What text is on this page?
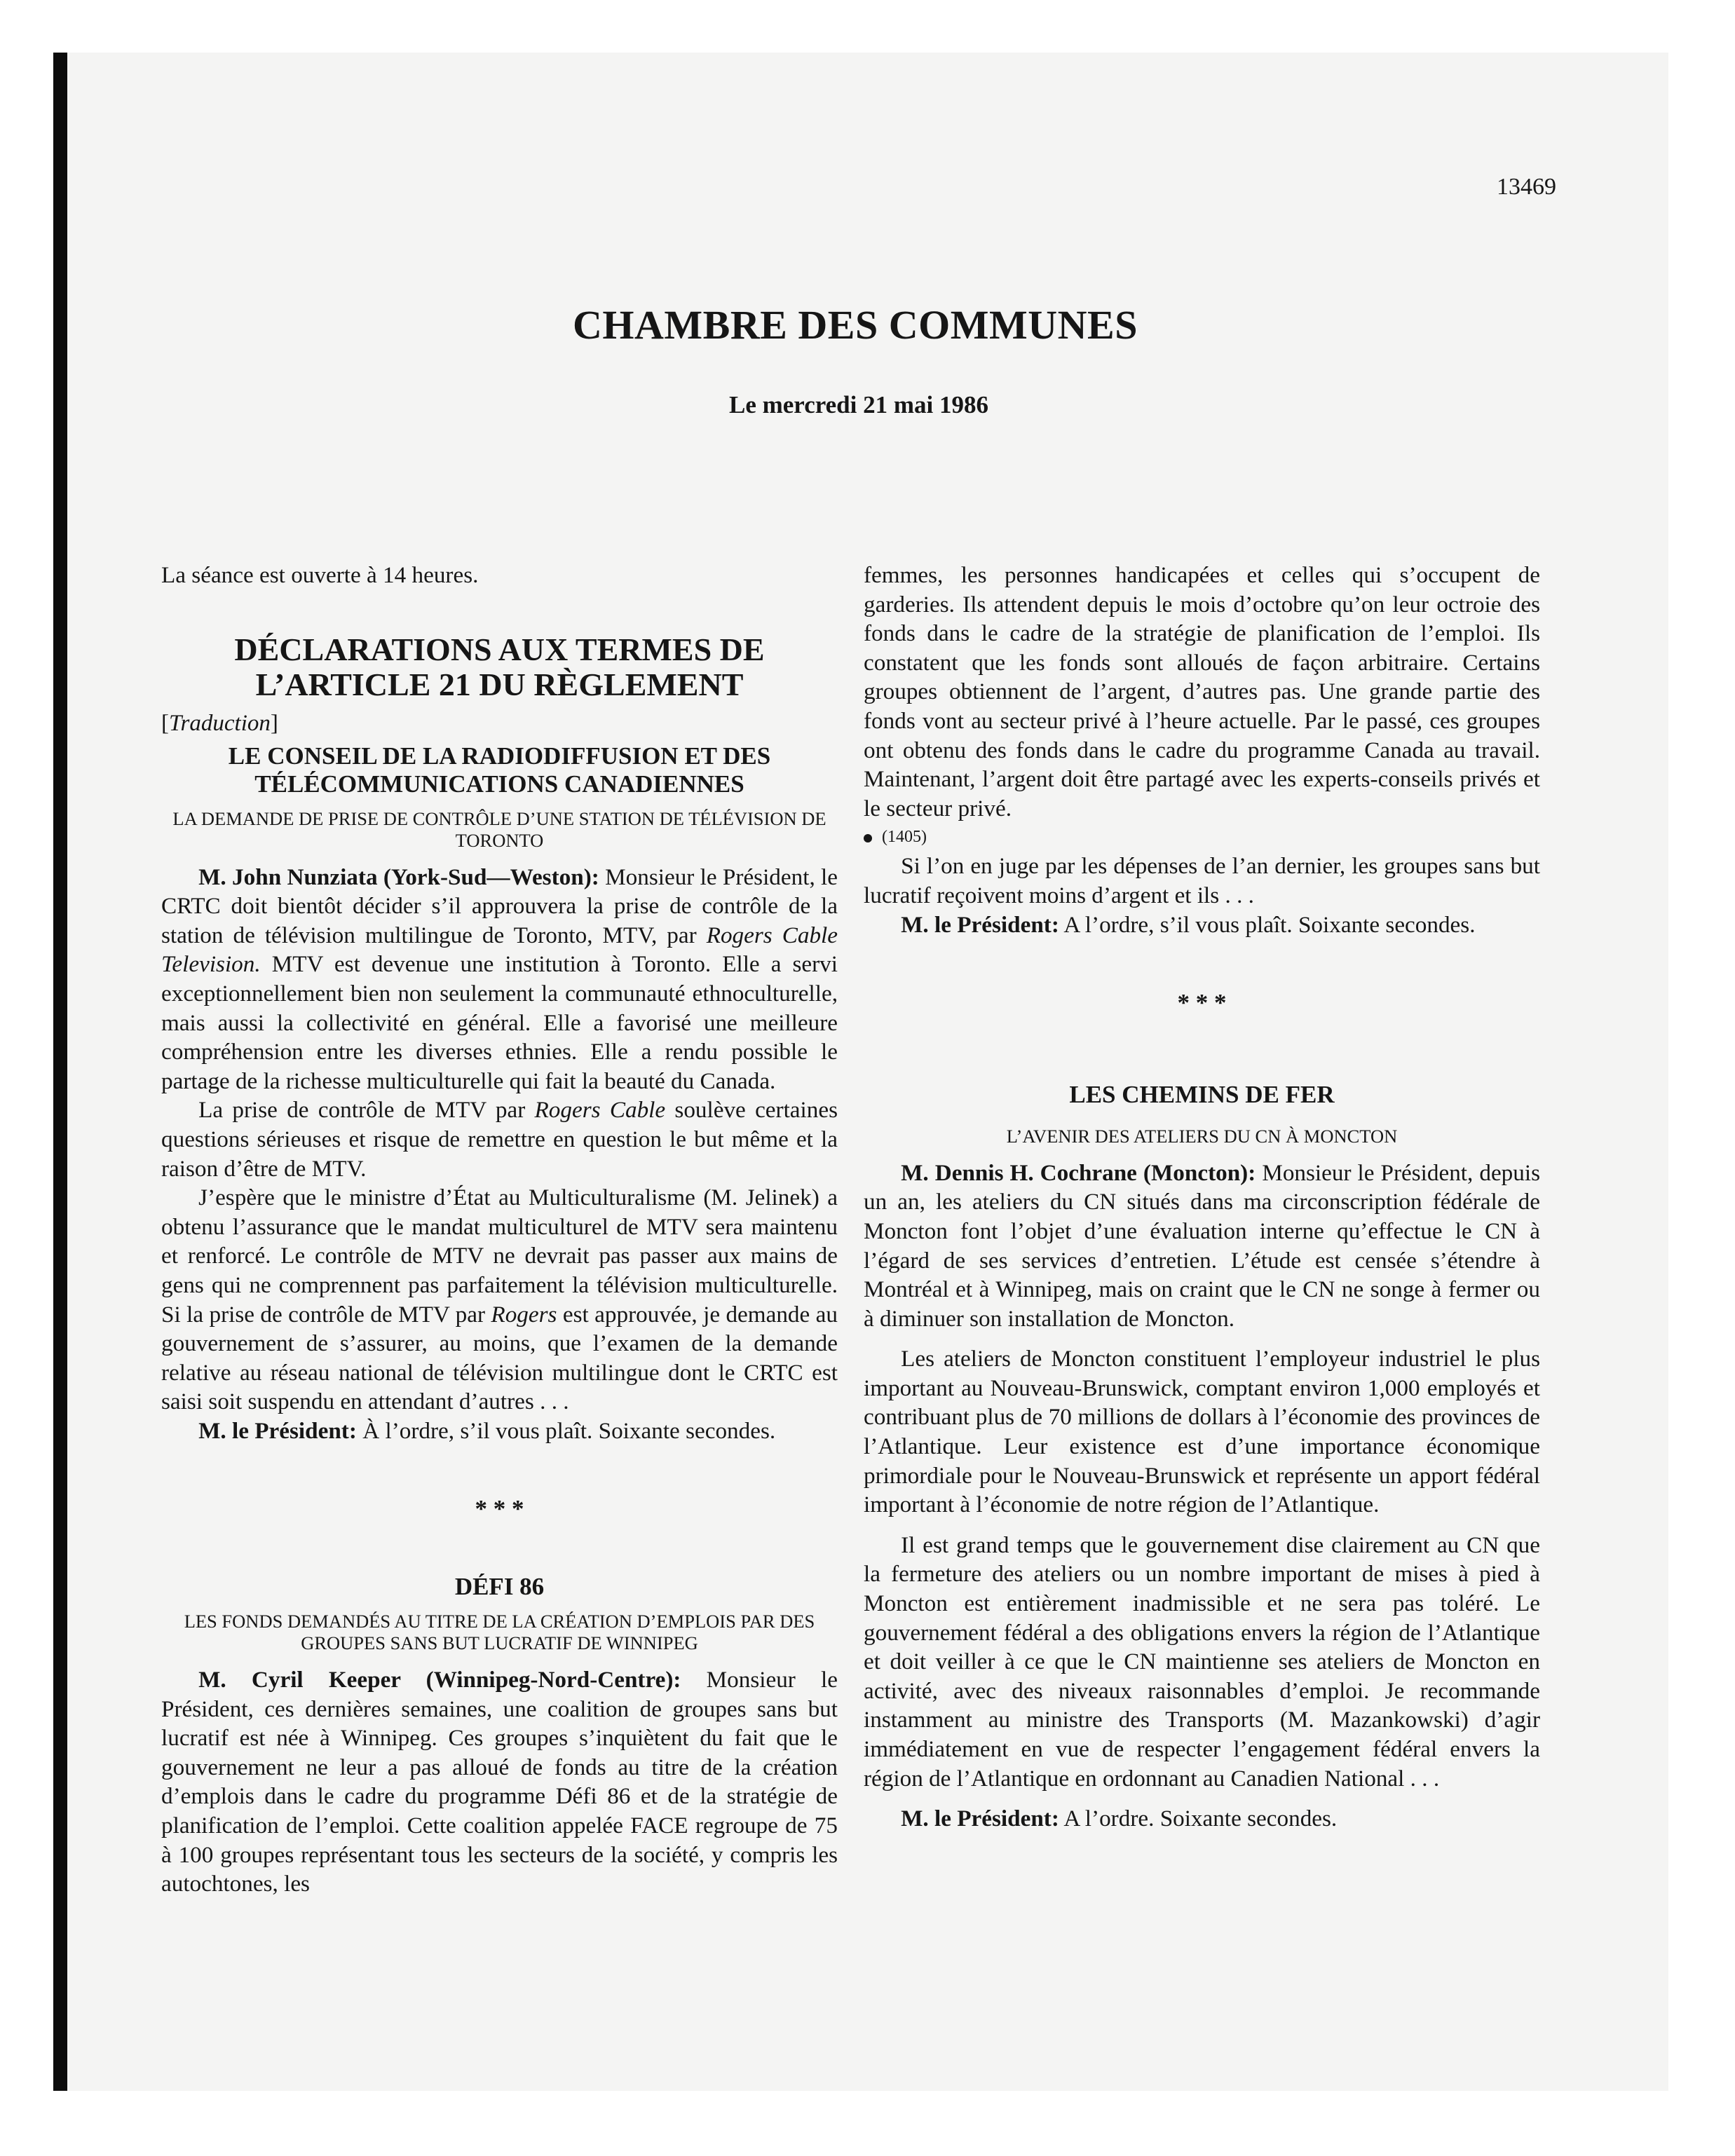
13469
CHAMBRE DES COMMUNES
Le mercredi 21 mai 1986

La séance est ouverte à 14 heures.

DÉCLARATIONS AUX TERMES DE L’ARTICLE 21 DU RÈGLEMENT

[Traduction]

LE CONSEIL DE LA RADIODIFFUSION ET DES TÉLÉCOMMUNICATIONS CANADIENNES
LA DEMANDE DE PRISE DE CONTRÔLE D’UNE STATION DE TÉLÉVISION DE TORONTO

M. John Nunziata (York-Sud—Weston): Monsieur le Président, le CRTC doit bientôt décider s’il approuvera la prise de contrôle de la station de télévision multilingue de Toronto, MTV, par Rogers Cable Television. MTV est devenue une institution à Toronto. Elle a servi exceptionnellement bien non seulement la communauté ethnoculturelle, mais aussi la collectivité en général. Elle a favorisé une meilleure compréhension entre les diverses ethnies. Elle a rendu possible le partage de la richesse multiculturelle qui fait la beauté du Canada.

La prise de contrôle de MTV par Rogers Cable soulève certaines questions sérieuses et risque de remettre en question le but même et la raison d’être de MTV.

J’espère que le ministre d’État au Multiculturalisme (M. Jelinek) a obtenu l’assurance que le mandat multiculturel de MTV sera maintenu et renforcé. Le contrôle de MTV ne devrait pas passer aux mains de gens qui ne comprennent pas parfaitement la télévision multiculturelle. Si la prise de contrôle de MTV par Rogers est approuvée, je demande au gouvernement de s’assurer, au moins, que l’examen de la demande relative au réseau national de télévision multilingue dont le CRTC est saisi soit suspendu en attendant d’autres . . .

M. le Président: À l’ordre, s’il vous plaît. Soixante secondes.

* * *

DÉFI 86
LES FONDS DEMANDÉS AU TITRE DE LA CRÉATION D’EMPLOIS PAR DES GROUPES SANS BUT LUCRATIF DE WINNIPEG

M. Cyril Keeper (Winnipeg-Nord-Centre): Monsieur le Président, ces dernières semaines, une coalition de groupes sans but lucratif est née à Winnipeg. Ces groupes s’inquiètent du fait que le gouvernement ne leur a pas alloué de fonds au titre de la création d’emplois dans le cadre du programme Défi 86 et de la stratégie de planification de l’emploi. Cette coalition appelée FACE regroupe de 75 à 100 groupes représentant tous les secteurs de la société, y compris les autochtones, les

femmes, les personnes handicapées et celles qui s’occupent de garderies. Ils attendent depuis le mois d’octobre qu’on leur octroie des fonds dans le cadre de la stratégie de planification de l’emploi. Ils constatent que les fonds sont alloués de façon arbitraire. Certains groupes obtiennent de l’argent, d’autres pas. Une grande partie des fonds vont au secteur privé à l’heure actuelle. Par le passé, ces groupes ont obtenu des fonds dans le cadre du programme Canada au travail. Maintenant, l’argent doit être partagé avec les experts-conseils privés et le secteur privé.

(1405)

Si l’on en juge par les dépenses de l’an dernier, les groupes sans but lucratif reçoivent moins d’argent et ils . . .

M. le Président: A l’ordre, s’il vous plaît. Soixante secondes.

* * *

LES CHEMINS DE FER
L’AVENIR DES ATELIERS DU CN À MONCTON

M. Dennis H. Cochrane (Moncton): Monsieur le Président, depuis un an, les ateliers du CN situés dans ma circonscription fédérale de Moncton font l’objet d’une évaluation interne qu’effectue le CN à l’égard de ses services d’entretien. L’étude est censée s’étendre à Montréal et à Winnipeg, mais on craint que le CN ne songe à fermer ou à diminuer son installation de Moncton.

Les ateliers de Moncton constituent l’employeur industriel le plus important au Nouveau-Brunswick, comptant environ 1,000 employés et contribuant plus de 70 millions de dollars à l’économie des provinces de l’Atlantique. Leur existence est d’une importance économique primordiale pour le Nouveau-Brunswick et représente un apport fédéral important à l’économie de notre région de l’Atlantique.

Il est grand temps que le gouvernement dise clairement au CN que la fermeture des ateliers ou un nombre important de mises à pied à Moncton est entièrement inadmissible et ne sera pas toléré. Le gouvernement fédéral a des obligations envers la région de l’Atlantique et doit veiller à ce que le CN maintienne ses ateliers de Moncton en activité, avec des niveaux raisonnables d’emploi. Je recommande instamment au ministre des Transports (M. Mazankowski) d’agir immédiatement en vue de respecter l’engagement fédéral envers la région de l’Atlantique en ordonnant au Canadien National . . .

M. le Président: A l’ordre. Soixante secondes.
